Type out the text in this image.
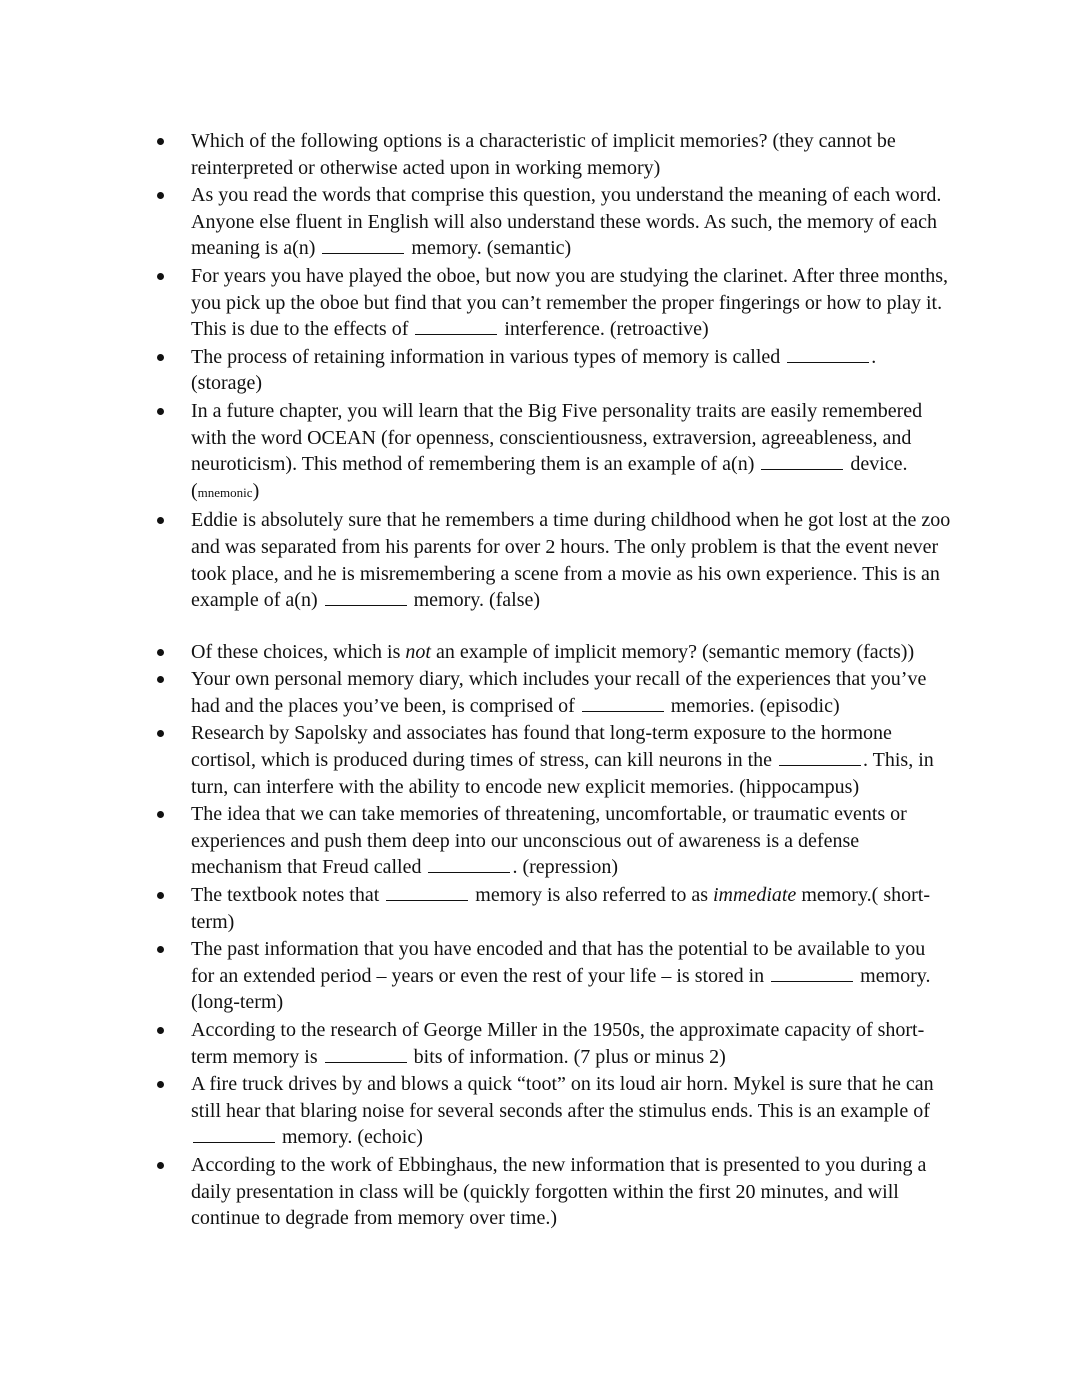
Which of the following options is a characteristic of implicit memories? (they cannot be reinterpreted or otherwise acted upon in working memory)
As you read the words that comprise this question, you understand the meaning of each word. Anyone else fluent in English will also understand these words. As such, the memory of each meaning is a(n)	memory. (semantic)
For years you have played the oboe, but now you are studying the clarinet. After three months, you pick up the oboe but find that you can’t remember the proper fingerings or how to play it. This is due to the effects of	interference. (retroactive)
The process of retaining information in various types of memory is called	. (storage)
In a future chapter, you will learn that the Big Five personality traits are easily remembered with the word OCEAN (for openness, conscientiousness, extraversion, agreeableness, and neuroticism). This method of remembering them is an example of a(n)	device. (mnemonic)
Eddie is absolutely sure that he remembers a time during childhood when he got lost at the zoo and was separated from his parents for over 2 hours. The only problem is that the event never took place, and he is misremembering a scene from a movie as his own experience. This is an example of a(n)	memory. (false)
Of these choices, which is not an example of implicit memory? (semantic memory (facts))
Your own personal memory diary, which includes your recall of the experiences that you’ve had and the places you’ve been, is comprised of	memories. (episodic)
Research by Sapolsky and associates has found that long-term exposure to the hormone cortisol, which is produced during times of stress, can kill neurons in the	. This, in turn, can interfere with the ability to encode new explicit memories. (hippocampus)
The idea that we can take memories of threatening, uncomfortable, or traumatic events or experiences and push them deep into our unconscious out of awareness is a defense mechanism that Freud called	. (repression)
The textbook notes that	memory is also referred to as immediate memory.( short-term)
The past information that you have encoded and that has the potential to be available to you for an extended period – years or even the rest of your life – is stored in	memory. (long-term)
According to the research of George Miller in the 1950s, the approximate capacity of short-term memory is	bits of information. (7 plus or minus 2)
A fire truck drives by and blows a quick “toot” on its loud air horn. Mykel is sure that he can still hear that blaring noise for several seconds after the stimulus ends. This is an example of  memory. (echoic)
According to the work of Ebbinghaus, the new information that is presented to you during a daily presentation in class will be (quickly forgotten within the first 20 minutes, and will continue to degrade from memory over time.)
